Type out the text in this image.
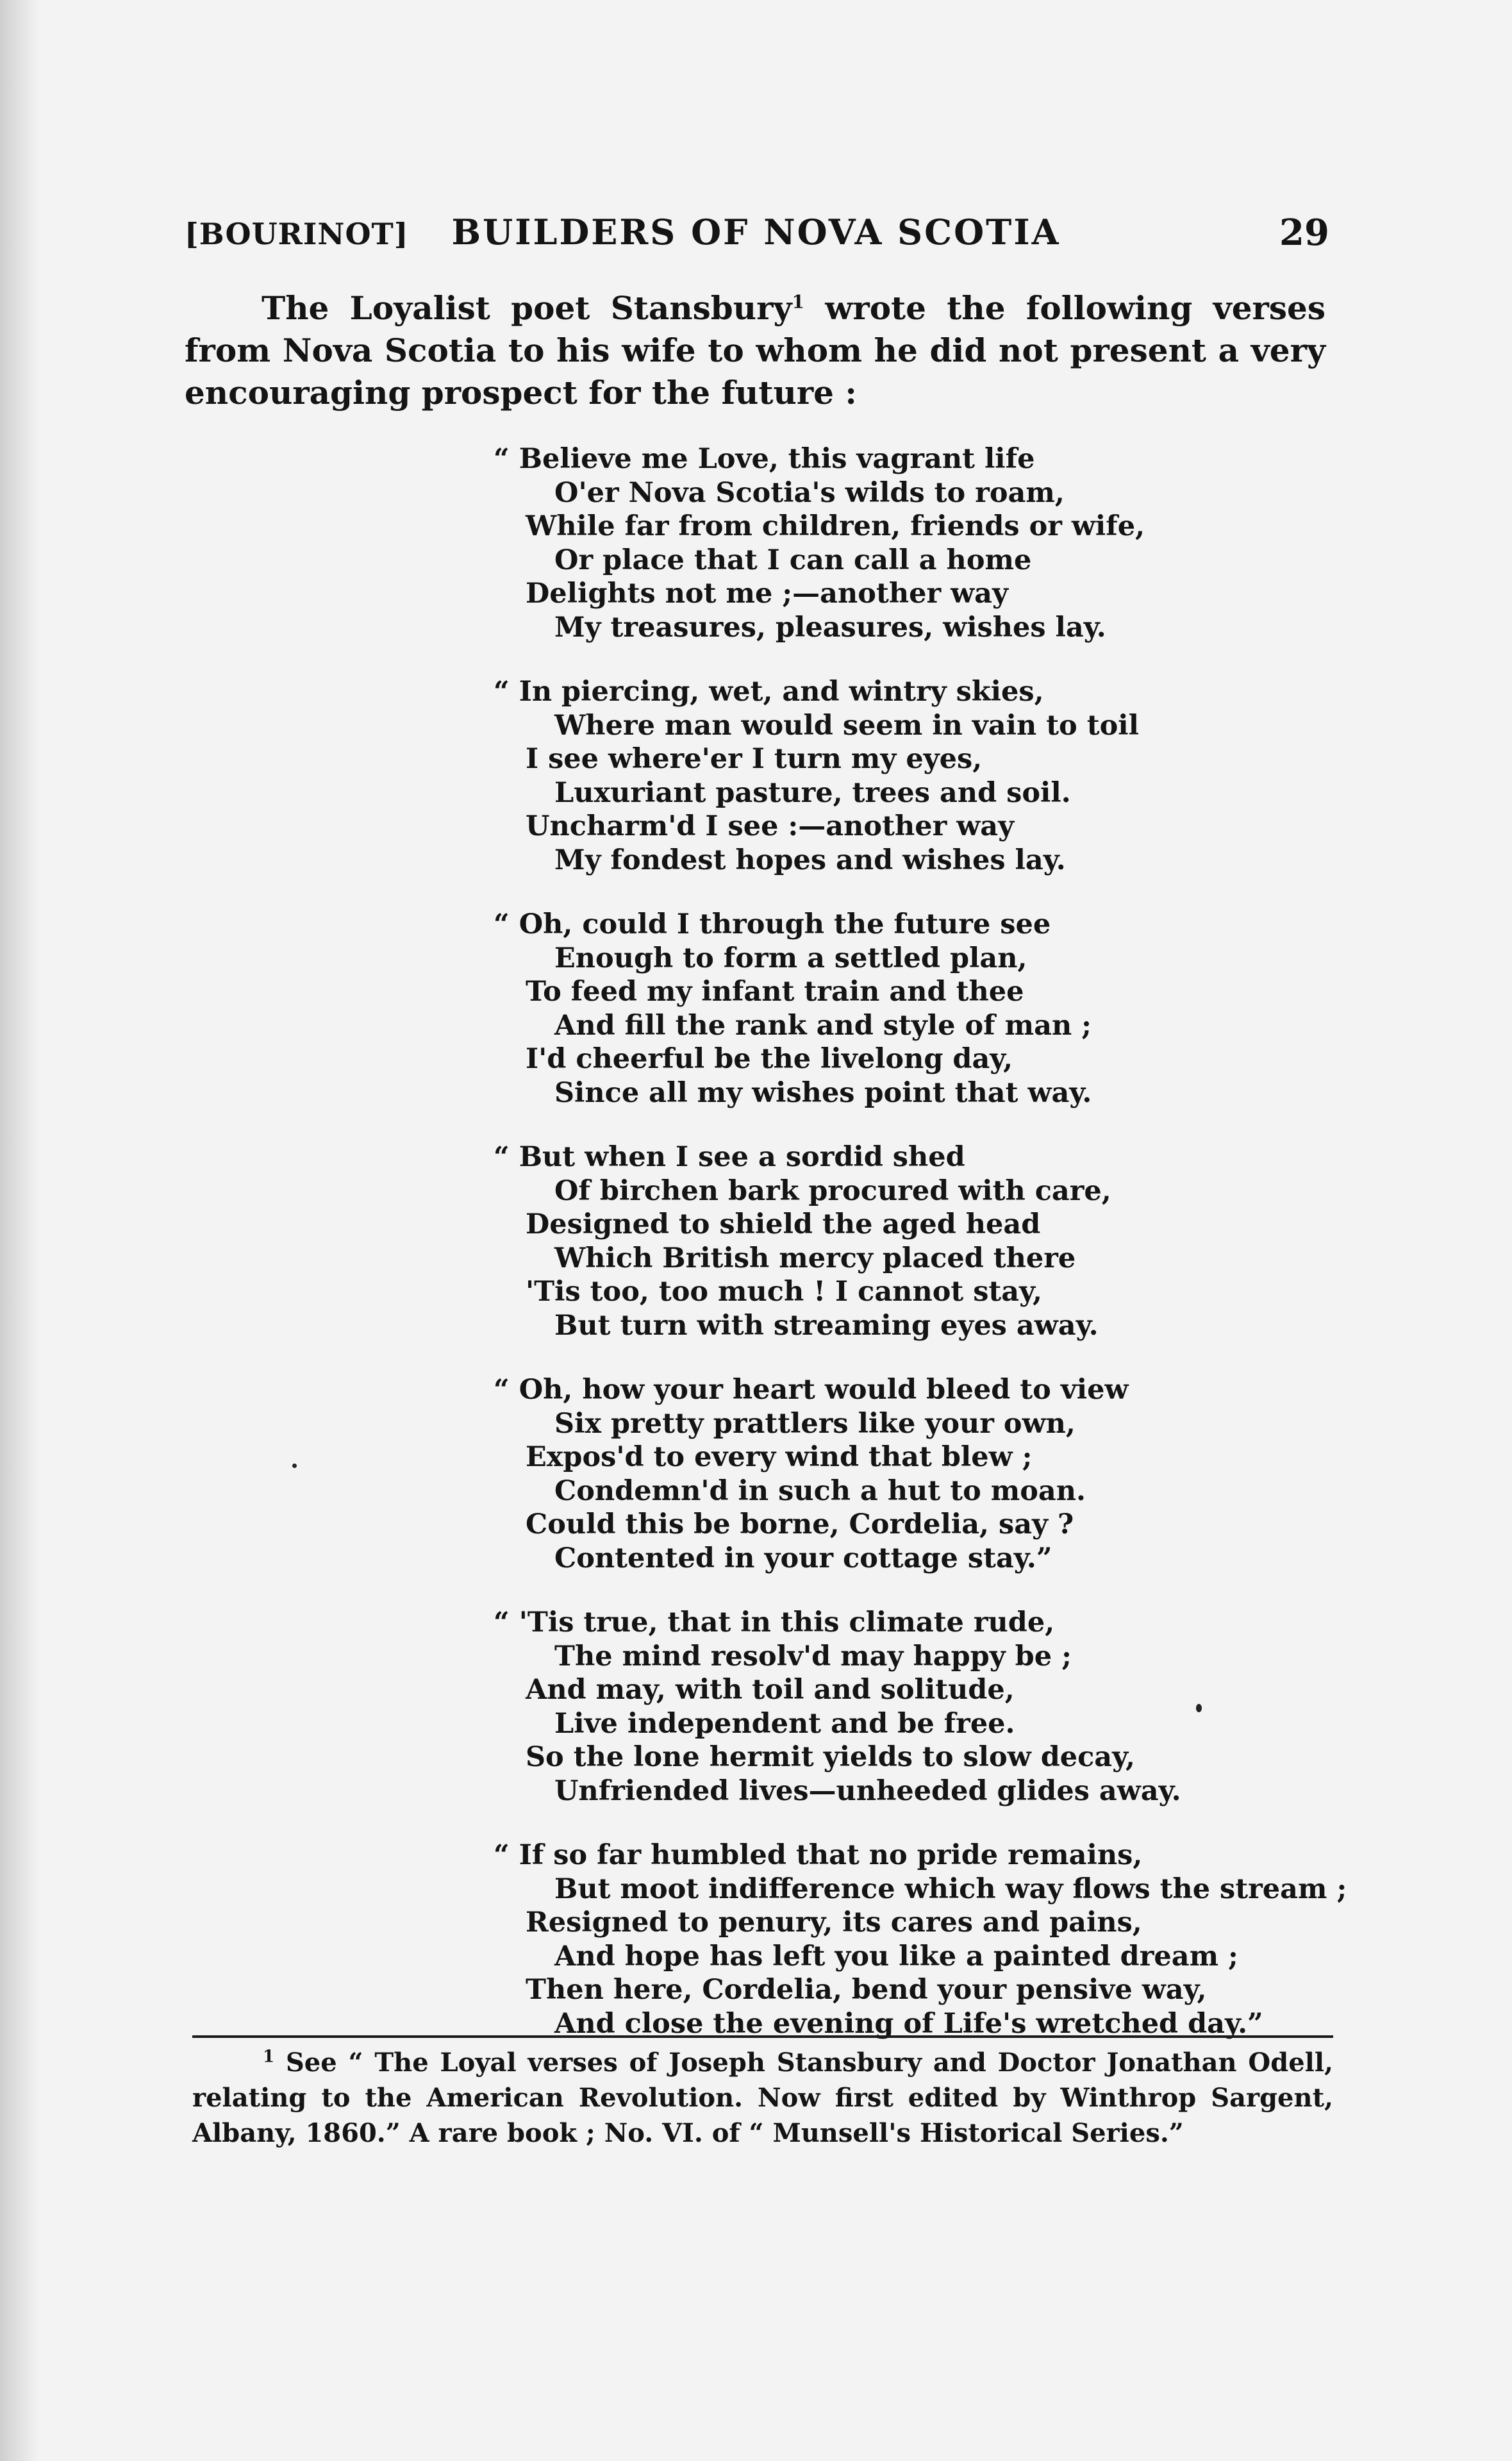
[BOURINOT]	BUILDERS OF NOVA SCOTIA	29

The Loyalist poet Stansbury$^1$ wrote the following verses from Nova Scotia to his wife to whom he did not present a very encouraging prospect for the future :

“ Believe me Love, this vagrant life
O'er Nova Scotia's wilds to roam,
While far from children, friends or wife,
Or place that I can call a home
Delights not me ;—another way
My treasures, pleasures, wishes lay.
“ In piercing, wet, and wintry skies,
Where man would seem in vain to toil
I see where'er I turn my eyes,
Luxuriant pasture, trees and soil.
Uncharm'd I see :—another way
My fondest hopes and wishes lay.
“ Oh, could I through the future see
Enough to form a settled plan,
To feed my infant train and thee
And fill the rank and style of man ;
I'd cheerful be the livelong day,
Since all my wishes point that way.
“ But when I see a sordid shed
Of birchen bark procured with care,
Designed to shield the aged head
Which British mercy placed there
'Tis too, too much ! I cannot stay,
But turn with streaming eyes away.
“ Oh, how your heart would bleed to view
Six pretty prattlers like your own,
Expos'd to every wind that blew ;
Condemn'd in such a hut to moan.
Could this be borne, Cordelia, say ?
Contented in your cottage stay.”
“ 'Tis true, that in this climate rude,
The mind resolv'd may happy be ;
And may, with toil and solitude,
Live independent and be free.
So the lone hermit yields to slow decay,
Unfriended lives—unheeded glides away.
“ If so far humbled that no pride remains,
But moot indifference which way flows the stream ;
Resigned to penury, its cares and pains,
And hope has left you like a painted dream ;
Then here, Cordelia, bend your pensive way,
And close the evening of Life's wretched day.”

$^1$ See “ The Loyal verses of Joseph Stansbury and Doctor Jonathan Odell, relating to the American Revolution. Now first edited by Winthrop Sargent, Albany, 1860.” A rare book ; No. VI. of “ Munsell's Historical Series.”
